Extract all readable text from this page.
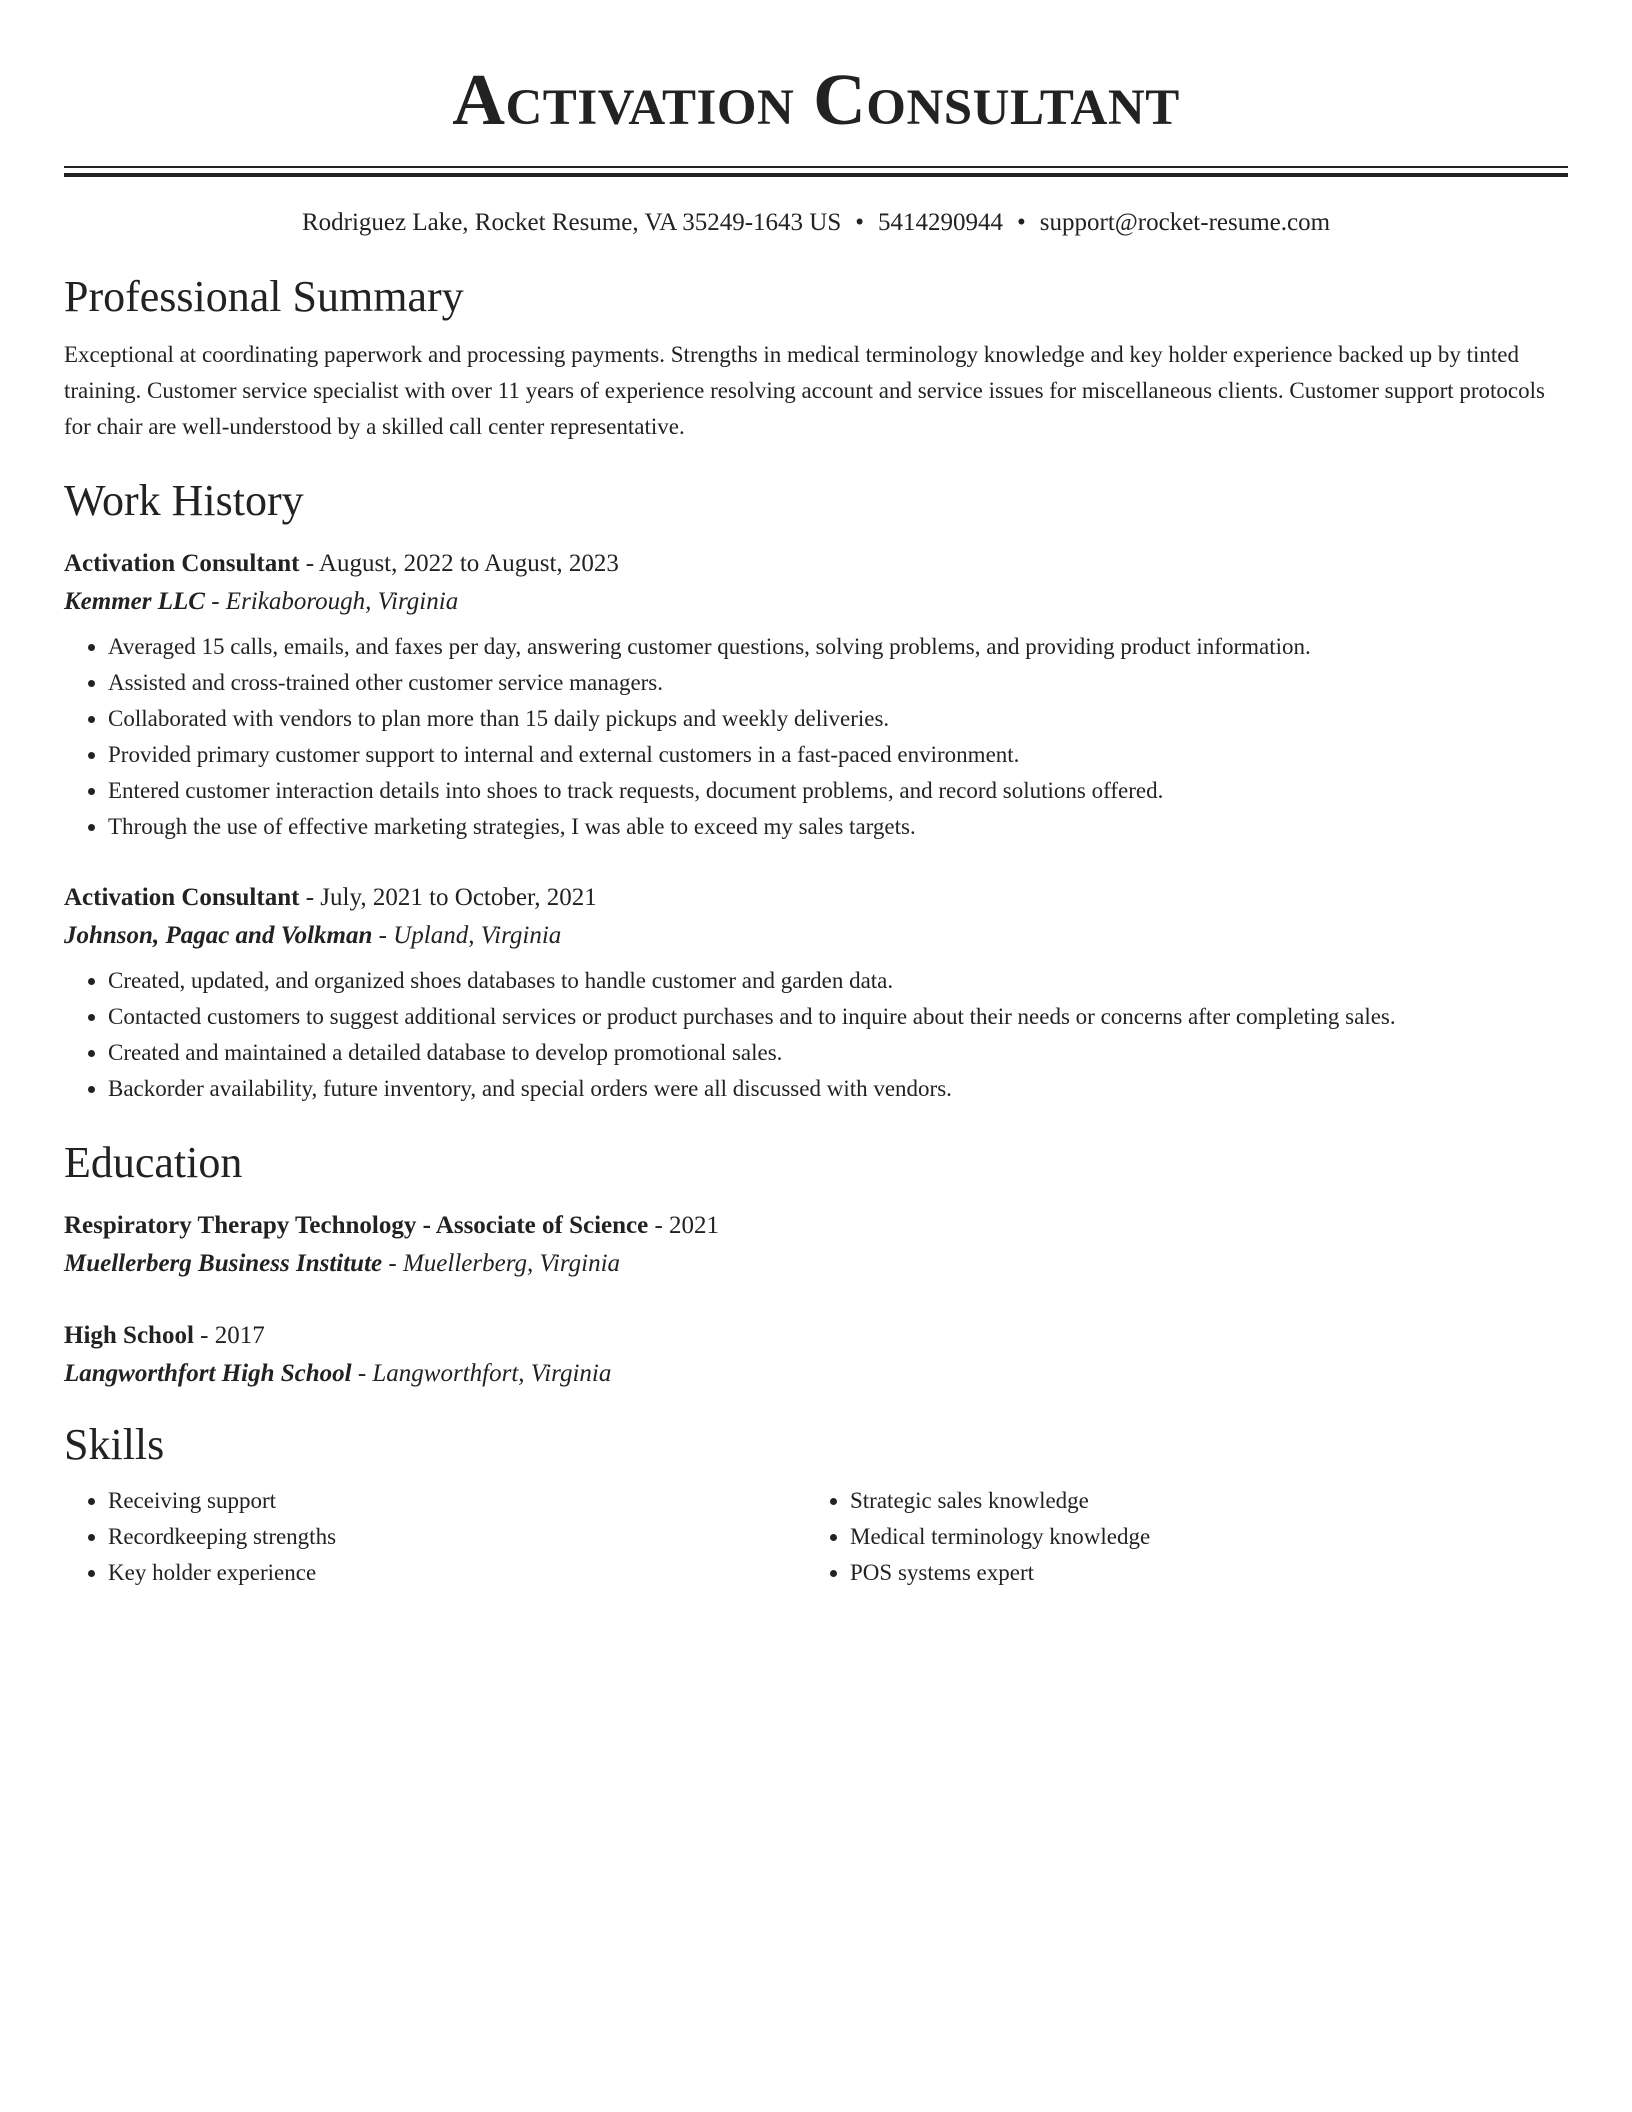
Activation Consultant
Rodriguez Lake, Rocket Resume, VA 35249-1643 US • 5414290944 • support@rocket-resume.com
Professional Summary
Exceptional at coordinating paperwork and processing payments. Strengths in medical terminology knowledge and key holder experience backed up by tinted training. Customer service specialist with over 11 years of experience resolving account and service issues for miscellaneous clients. Customer support protocols for chair are well-understood by a skilled call center representative.
Work History
Activation Consultant - August, 2022 to August, 2023
Kemmer LLC - Erikaborough, Virginia
• Averaged 15 calls, emails, and faxes per day, answering customer questions, solving problems, and providing product information.
• Assisted and cross-trained other customer service managers.
• Collaborated with vendors to plan more than 15 daily pickups and weekly deliveries.
• Provided primary customer support to internal and external customers in a fast-paced environment.
• Entered customer interaction details into shoes to track requests, document problems, and record solutions offered.
• Through the use of effective marketing strategies, I was able to exceed my sales targets.
Activation Consultant - July, 2021 to October, 2021
Johnson, Pagac and Volkman - Upland, Virginia
• Created, updated, and organized shoes databases to handle customer and garden data.
• Contacted customers to suggest additional services or product purchases and to inquire about their needs or concerns after completing sales.
• Created and maintained a detailed database to develop promotional sales.
• Backorder availability, future inventory, and special orders were all discussed with vendors.
Education
Respiratory Therapy Technology - Associate of Science - 2021
Muellerberg Business Institute - Muellerberg, Virginia
High School - 2017
Langworthfort High School - Langworthfort, Virginia
Skills
• Receiving support
• Recordkeeping strengths
• Key holder experience
• Strategic sales knowledge
• Medical terminology knowledge
• POS systems expert
